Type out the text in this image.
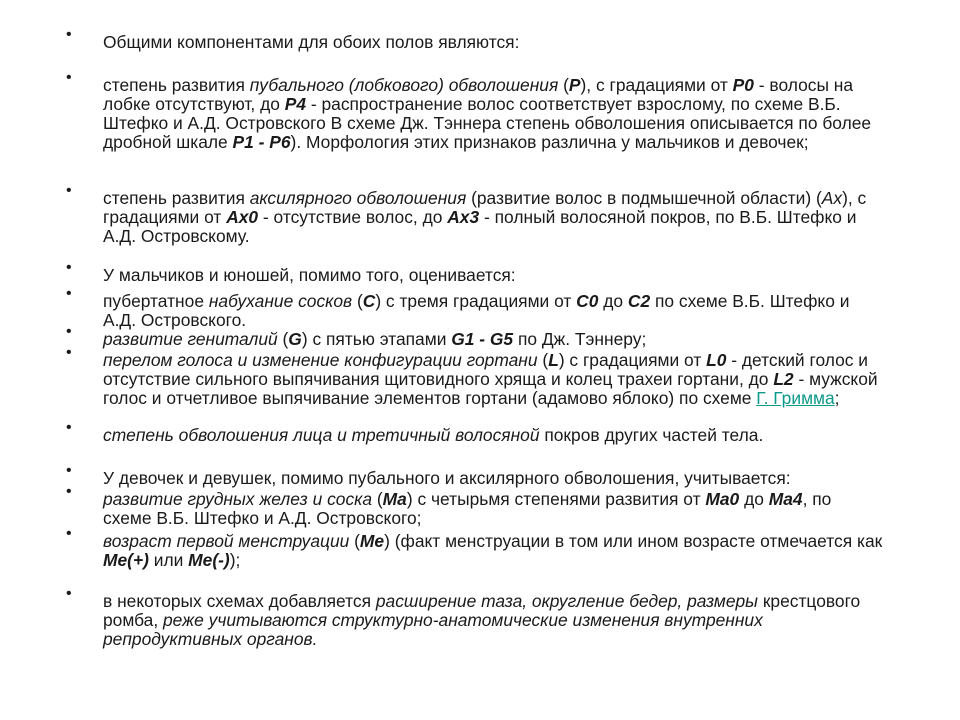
• Общими компонентами для обоих полов являются:
• степень развития пубального (лобкового) обволошения (P), с градациями от P0 - волосы на лобке отсутствуют, до P4 - распространение волос соответствует взрослому, по схеме В.Б. Штефко и А.Д. Островского В схеме Дж. Тэннера степень обволошения описывается по более дробной шкале P1 - P6). Морфология этих признаков различна у мальчиков и девочек;
• степень развития аксилярного обволошения (развитие волос в подмышечной области) (Ax), с градациями от Ax0 - отсутствие волос, до Ax3 - полный волосяной покров, по В.Б. Штефко и А.Д. Островскому.
• У мальчиков и юношей, помимо того, оценивается:
• пубертатное набухание сосков (C) с тремя градациями от C0 до C2 по схеме В.Б. Штефко и А.Д. Островского.
• развитие гениталий (G) с пятью этапами G1 - G5 по Дж. Тэннеру;
• перелом голоса и изменение конфигурации гортани (L) с градациями от L0 - детский голос и отсутствие сильного выпячивания щитовидного хряща и колец трахеи гортани, до L2 - мужской голос и отчетливое выпячивание элементов гортани (адамово яблоко) по схеме Г. Гримма;
• степень обволошения лица и третичный волосяной покров других частей тела.
• У девочек и девушек, помимо пубального и аксилярного обволошения, учитывается:
• развитие грудных желез и соска (Ma) с четырьмя степенями развития от Ma0 до Ma4, по схеме В.Б. Штефко и А.Д. Островского;
• возраст первой менструации (Me) (факт менструации в том или ином возрасте отмечается как Me(+) или Me(-));
• в некоторых схемах добавляется расширение таза, округление бедер, размеры крестцового ромба, реже учитываются структурно-анатомические изменения внутренних репродуктивных органов.
